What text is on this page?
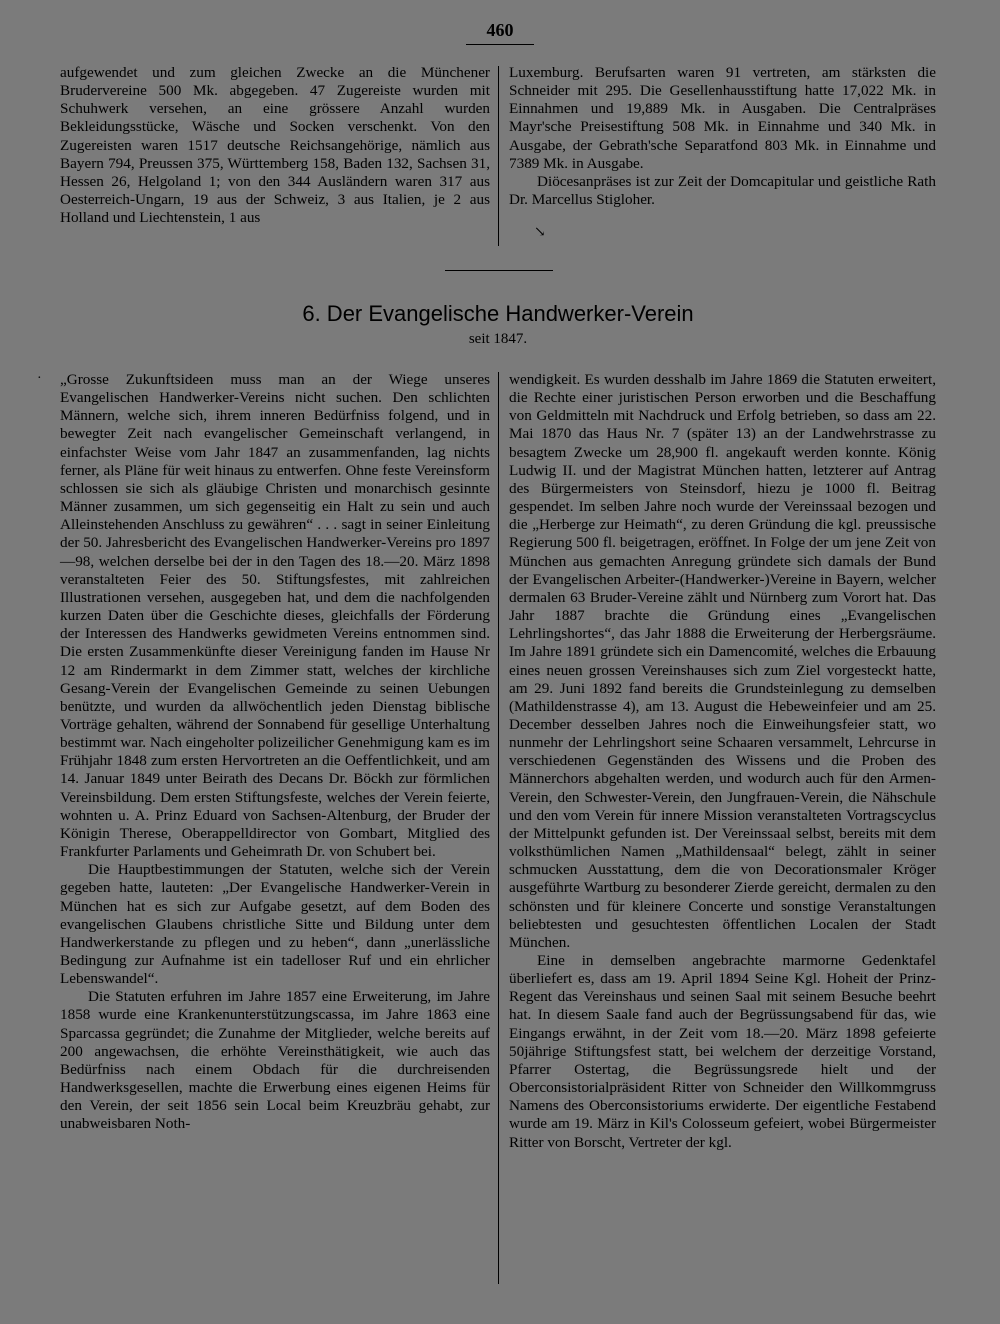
460

aufgewendet und zum gleichen Zwecke an die Münchener Brudervereine 500 Mk. abgegeben. 47 Zugereiste wurden mit Schuhwerk versehen, an eine grössere Anzahl wurden Bekleidungsstücke, Wäsche und Socken verschenkt. Von den Zugereisten waren 1517 deutsche Reichsangehörige, nämlich aus Bayern 794, Preussen 375, Württemberg 158, Baden 132, Sachsen 31, Hessen 26, Helgoland 1; von den 344 Ausländern waren 317 aus Oesterreich-Ungarn, 19 aus der Schweiz, 3 aus Italien, je 2 aus Holland und Liechtenstein, 1 aus

Luxemburg. Berufsarten waren 91 vertreten, am stärksten die Schneider mit 295. Die Gesellenhausstiftung hatte 17,022 Mk. in Einnahmen und 19,889 Mk. in Ausgaben. Die Centralpräses Mayr'sche Preisestiftung 508 Mk. in Einnahme und 340 Mk. in Ausgabe, der Gebrath'sche Separatfond 803 Mk. in Einnahme und 7389 Mk. in Ausgabe.

Diöcesanpräses ist zur Zeit der Domcapitular und geistliche Rath Dr. Marcellus Stigloher.

↘
6. Der Evangelische Handwerker-Verein
seit 1847.
· „Grosse Zukunftsideen muss man an der Wiege unseres Evangelischen Handwerker-Vereins nicht suchen. Den schlichten Männern, welche sich, ihrem inneren Bedürfniss folgend, und in bewegter Zeit nach evangelischer Gemeinschaft verlangend, in einfachster Weise vom Jahr 1847 an zusammenfanden, lag nichts ferner, als Pläne für weit hinaus zu entwerfen. Ohne feste Vereinsform schlossen sie sich als gläubige Christen und monarchisch gesinnte Männer zusammen, um sich gegenseitig ein Halt zu sein und auch Alleinstehenden Anschluss zu gewähren“ . . . sagt in seiner Einleitung der 50. Jahresbericht des Evangelischen Handwerker-Vereins pro 1897—98, welchen derselbe bei der in den Tagen des 18.—20. März 1898 veranstalteten Feier des 50. Stiftungsfestes, mit zahlreichen Illustrationen versehen, ausgegeben hat, und dem die nachfolgenden kurzen Daten über die Geschichte dieses, gleichfalls der Förderung der Interessen des Handwerks gewidmeten Vereins entnommen sind. Die ersten Zusammenkünfte dieser Vereinigung fanden im Hause Nr 12 am Rindermarkt in dem Zimmer statt, welches der kirchliche Gesang-Verein der Evangelischen Gemeinde zu seinen Uebungen benützte, und wurden da allwöchentlich jeden Dienstag biblische Vorträge gehalten, während der Sonnabend für gesellige Unterhaltung bestimmt war. Nach eingeholter polizeilicher Genehmigung kam es im Frühjahr 1848 zum ersten Hervortreten an die Oeffentlichkeit, und am 14. Januar 1849 unter Beirath des Decans Dr. Böckh zur förmlichen Vereinsbildung. Dem ersten Stiftungsfeste, welches der Verein feierte, wohnten u. A. Prinz Eduard von Sachsen-Altenburg, der Bruder der Königin Therese, Oberappelldirector von Gombart, Mitglied des Frankfurter Parlaments und Geheimrath Dr. von Schubert bei.

Die Hauptbestimmungen der Statuten, welche sich der Verein gegeben hatte, lauteten: „Der Evangelische Handwerker-Verein in München hat es sich zur Aufgabe gesetzt, auf dem Boden des evangelischen Glaubens christliche Sitte und Bildung unter dem Handwerkerstande zu pflegen und zu heben“, dann „unerlässliche Bedingung zur Aufnahme ist ein tadelloser Ruf und ein ehrlicher Lebenswandel“.

Die Statuten erfuhren im Jahre 1857 eine Erweiterung, im Jahre 1858 wurde eine Krankenunterstützungscassa, im Jahre 1863 eine Sparcassa gegründet; die Zunahme der Mitglieder, welche bereits auf 200 angewachsen, die erhöhte Vereinsthätigkeit, wie auch das Bedürfniss nach einem Obdach für die durchreisenden Handwerksgesellen, machte die Erwerbung eines eigenen Heims für den Verein, der seit 1856 sein Local beim Kreuzbräu gehabt, zur unabweisbaren Noth-

wendigkeit. Es wurden desshalb im Jahre 1869 die Statuten erweitert, die Rechte einer juristischen Person erworben und die Beschaffung von Geldmitteln mit Nachdruck und Erfolg betrieben, so dass am 22. Mai 1870 das Haus Nr. 7 (später 13) an der Landwehrstrasse zu besagtem Zwecke um 28,900 fl. angekauft werden konnte. König Ludwig II. und der Magistrat München hatten, letzterer auf Antrag des Bürgermeisters von Steinsdorf, hiezu je 1000 fl. Beitrag gespendet. Im selben Jahre noch wurde der Vereinssaal bezogen und die „Herberge zur Heimath“, zu deren Gründung die kgl. preussische Regierung 500 fl. beigetragen, eröffnet. In Folge der um jene Zeit von München aus gemachten Anregung gründete sich damals der Bund der Evangelischen Arbeiter-(Handwerker-)Vereine in Bayern, welcher dermalen 63 Bruder-Vereine zählt und Nürnberg zum Vorort hat. Das Jahr 1887 brachte die Gründung eines „Evangelischen Lehrlingshortes“, das Jahr 1888 die Erweiterung der Herbergsräume. Im Jahre 1891 gründete sich ein Damencomité, welches die Erbauung eines neuen grossen Vereinshauses sich zum Ziel vorgesteckt hatte, am 29. Juni 1892 fand bereits die Grundsteinlegung zu demselben (Mathildenstrasse 4), am 13. August die Hebeweinfeier und am 25. December desselben Jahres noch die Einweihungsfeier statt, wo nunmehr der Lehrlingshort seine Schaaren versammelt, Lehrcurse in verschiedenen Gegenständen des Wissens und die Proben des Männerchors abgehalten werden, und wodurch auch für den Armen-Verein, den Schwester-Verein, den Jungfrauen-Verein, die Nähschule und den vom Verein für innere Mission veranstalteten Vortragscyclus der Mittelpunkt gefunden ist. Der Vereinssaal selbst, bereits mit dem volksthümlichen Namen „Mathildensaal“ belegt, zählt in seiner schmucken Ausstattung, dem die von Decorationsmaler Kröger ausgeführte Wartburg zu besonderer Zierde gereicht, dermalen zu den schönsten und für kleinere Concerte und sonstige Veranstaltungen beliebtesten und gesuchtesten öffentlichen Localen der Stadt München.

Eine in demselben angebrachte marmorne Gedenktafel überliefert es, dass am 19. April 1894 Seine Kgl. Hoheit der Prinz-Regent das Vereinshaus und seinen Saal mit seinem Besuche beehrt hat. In diesem Saale fand auch der Begrüssungsabend für das, wie Eingangs erwähnt, in der Zeit vom 18.—20. März 1898 gefeierte 50jährige Stiftungsfest statt, bei welchem der derzeitige Vorstand, Pfarrer Ostertag, die Begrüssungsrede hielt und der Oberconsistorialpräsident Ritter von Schneider den Willkommgruss Namens des Oberconsistoriums erwiderte. Der eigentliche Festabend wurde am 19. März in Kil's Colosseum gefeiert, wobei Bürgermeister Ritter von Borscht, Vertreter der kgl.
